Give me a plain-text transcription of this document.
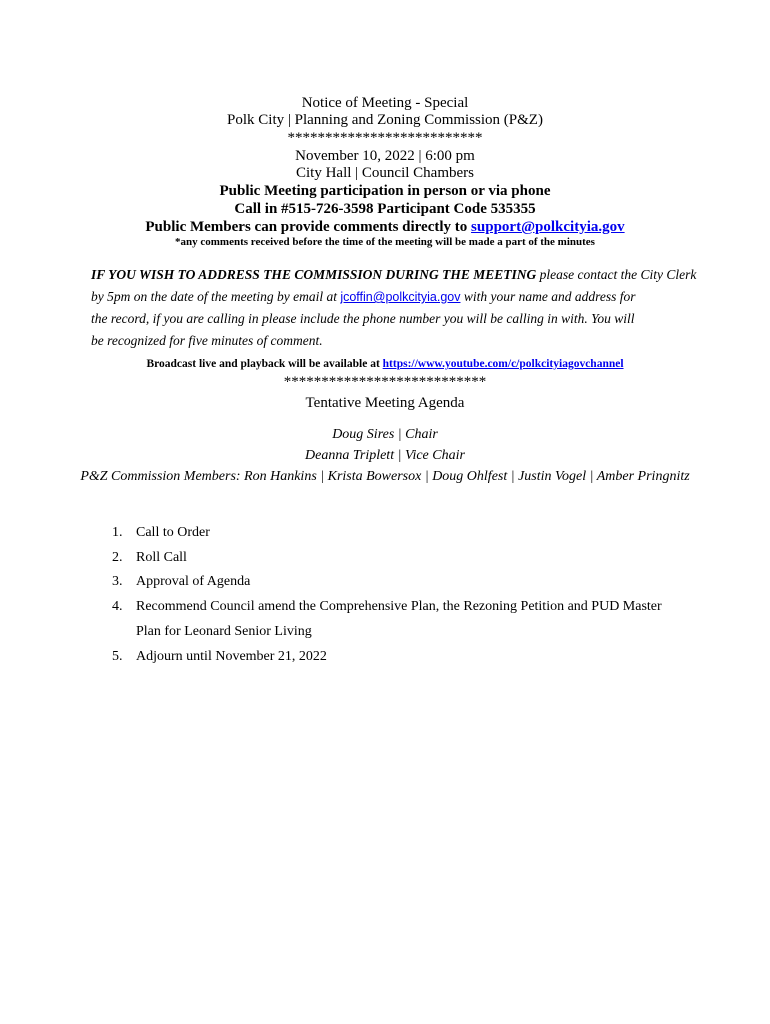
Notice of Meeting - Special
Polk City | Planning and Zoning Commission (P&Z)
**************************
November 10, 2022 | 6:00 pm
City Hall | Council Chambers
Public Meeting participation in person or via phone
Call in #515-726-3598 Participant Code 535355
Public Members can provide comments directly to support@polkcityia.gov
*any comments received before the time of the meeting will be made a part of the minutes
IF YOU WISH TO ADDRESS THE COMMISSION DURING THE MEETING please contact the City Clerk
by 5pm on the date of the meeting by email at jcoffin@polkcityia.gov with your name and address for
the record, if you are calling in please include the phone number you will be calling in with. You will
be recognized for five minutes of comment.
Broadcast live and playback will be available at https://www.youtube.com/c/polkcityiagovchannel
***************************
Tentative Meeting Agenda
Doug Sires | Chair
Deanna Triplett | Vice Chair
P&Z Commission Members: Ron Hankins | Krista Bowersox | Doug Ohlfest | Justin Vogel | Amber Pringnitz
1. Call to Order
2. Roll Call
3. Approval of Agenda
4. Recommend Council amend the Comprehensive Plan, the Rezoning Petition and PUD Master
Plan for Leonard Senior Living
5. Adjourn until November 21, 2022
